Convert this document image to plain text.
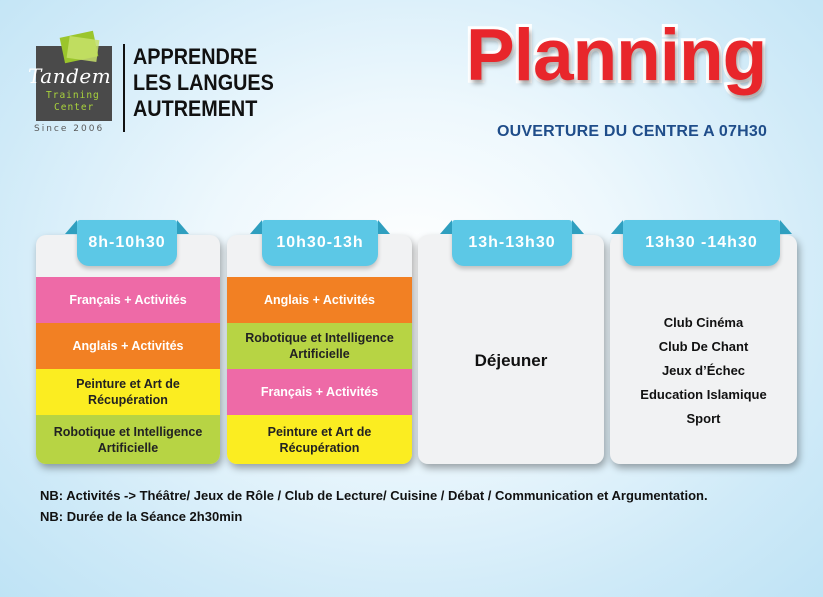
Tandem
Training
Center
Since 2006
APPRENDRE
LES LANGUES
AUTREMENT
Planning
OUVERTURE DU CENTRE A 07H30
Français + Activités
Anglais + Activités
Peinture et Art de Récupération
Robotique et Intelligence Artificielle
8h-10h30
Anglais + Activités
Robotique et Intelligence Artificielle
Français + Activités
Peinture et Art de Récupération
10h30-13h
Déjeuner
13h-13h30
Club Cinéma
Club De Chant
Jeux d’Échec
Education Islamique
Sport
13h30 -14h30
NB: Activités -> Théâtre/ Jeux de Rôle / Club de Lecture/ Cuisine / Débat / Communication et Argumentation.
NB: Durée de la Séance 2h30min
